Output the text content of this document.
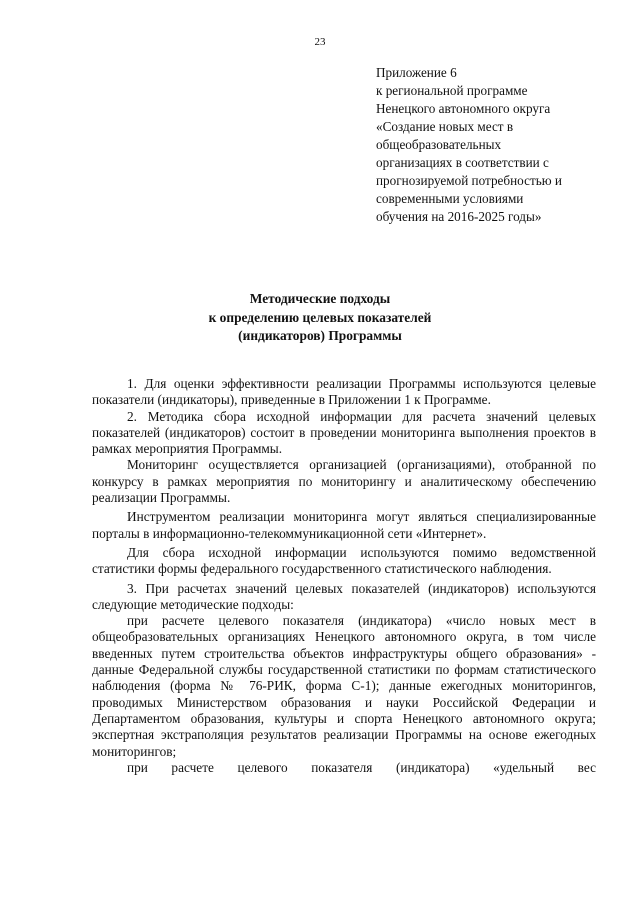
23
Приложение 6
к региональной программе
Ненецкого автономного округа
«Создание новых мест в
общеобразовательных
организациях в соответствии с
прогнозируемой потребностью и
современными условиями
обучения на 2016-2025 годы»
Методические подходы
к определению целевых показателей
(индикаторов) Программы

1. Для оценки эффективности реализации Программы используются целевые показатели (индикаторы), приведенные в Приложении 1 к Программе.

2. Методика сбора исходной информации для расчета значений целевых показателей (индикаторов) состоит в проведении мониторинга выполнения проектов в рамках мероприятия Программы.

Мониторинг осуществляется организацией (организациями), отобранной по конкурсу в рамках мероприятия по мониторингу и аналитическому обеспечению реализации Программы.

Инструментом реализации мониторинга могут являться специализированные порталы в информационно-телекоммуникационной сети «Интернет».

Для сбора исходной информации используются помимо ведомственной статистики формы федерального государственного статистического наблюдения.

3. При расчетах значений целевых показателей (индикаторов) используются следующие методические подходы:

при расчете целевого показателя (индикатора) «число новых мест в общеобразовательных организациях Ненецкого автономного округа, в том числе введенных путем строительства объектов инфраструктуры общего образования» - данные Федеральной службы государственной статистики по формам статистического наблюдения (форма № 76-РИК, форма С-1); данные ежегодных мониторингов, проводимых Министерством образования и науки Российской Федерации и Департаментом образования, культуры и спорта Ненецкого автономного округа; экспертная экстраполяция результатов реализации Программы на основе ежегодных мониторингов;

при расчете целевого показателя (индикатора) «удельный вес
